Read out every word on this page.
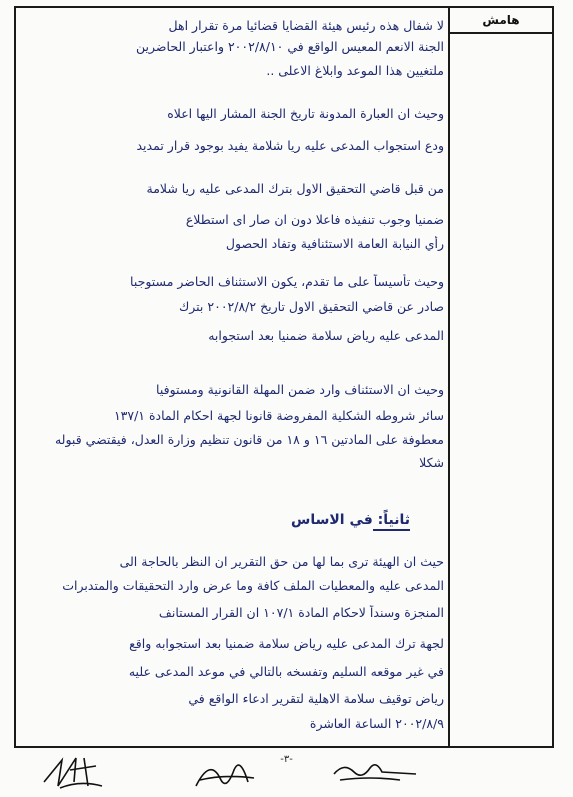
هامش
لا شفال هذه رئيس هيئة القضايا قضائيا مرة تقرار اهل
الجنة الانعم المعيس الواقع في ٢٠٠٢/٨/١٠ واعتبار الحاضرين
ملتغيين هذا الموعد وابلاغ الاعلى ..
وحيث ان العبارة المدونة تاريخ الجنة المشار اليها اعلاه
ودع استجواب المدعى عليه ريا شلامة يفيد بوجود قرار تمديد
من قبل قاضي التحقيق الاول بترك المدعى عليه ريا شلامة
ضمنيا وجوب تنفيذه فاعلا دون ان صار اى استطلاع
رأي النيابة العامة الاستئنافية وتفاد الحصول
وحيث تأسيساً على ما تقدم، يكون الاستثناف الحاضر مستوجبا
صادر عن قاضي التحقيق الاول تاريخ ٢٠٠٢/٨/٢ بترك
المدعى عليه رياض سلامة ضمنيا بعد استجوابه
وحيث ان الاستئناف وارد ضمن المهلة القانونية ومستوفيا
سائر شروطه الشكلية المفروضة قانونا لجهة احكام المادة ١٣٧/١
معطوفة على المادتين ١٦ و ١٨ من قانون تنظيم وزارة العدل، فيقتضي قبوله
شكلا
ثانياً: في الاساس
حيث ان الهيئة ترى بما لها من حق التقرير ان النظر بالحاجة الى
المدعى عليه والمعطيات الملف كافة وما عرض وارد التحقيقات والمتدبرات
المنجزة وسنداً لاحكام المادة ١٠٧/١ ان القرار المستانف
لجهة ترك المدعى عليه رياض سلامة ضمنيا بعد استجوابه واقع
في غير موقعه السليم وتفسخه بالتالي في موعد المدعى عليه
رياض توقيف سلامة الاهلية لتقرير ادعاء الواقع في
٢٠٠٢/٨/٩ الساعة العاشرة
-٣-
